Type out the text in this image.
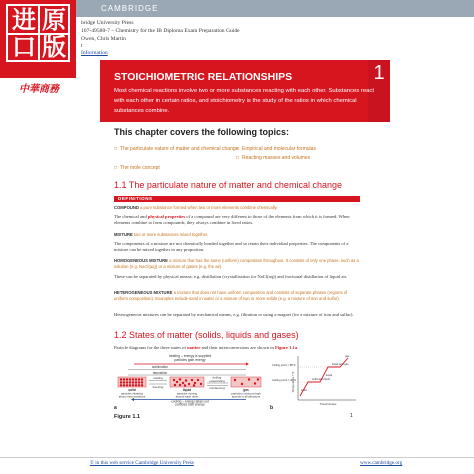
CAMBRIDGE
bridge University Press
107-49580-7 – Chemistry for the IB Diploma Exam Preparation Guide
Owen, Chris Martin
t
Information
进 原
口 版
中華商務
STOICHIOMETRIC RELATIONSHIPS	1
Most chemical reactions involve two or more substances reacting with each other. Substances react with each other in certain ratios, and stoichiometry is the study of the ratios in which chemical substances combine.
This chapter covers the following topics:
□ The particulate nature of matter and chemical change
□ The mole concept
□ Empirical and molecular formulas
□ Reacting masses and volumes
1.1 The particulate nature of matter and chemical change
DEFINITIONS
COMPOUND a pure substance formed when two or more elements combine chemically.
The chemical and physical properties of a compound are very different to those of the elements from which it is formed. When elements combine to form compounds, they always combine in fixed ratios.
MIXTURE two or more substances mixed together.
The components of a mixture are not chemically bonded together and so retain their individual properties. The components of a mixture can be mixed together in any proportion.
HOMOGENEOUS MIXTURE a mixture that has the same (uniform) composition throughout. It consists of only one phase, such as a solution (e.g. NaCl(aq)) or a mixture of gases (e.g. the air).
These can be separated by physical means, e.g. distillation (crystallisation for NaCl(aq)) and fractional distillation of liquid air.
HETEROGENEOUS MIXTURE a mixture that does not have uniform composition and consists of separate phases (regions of uniform composition). Examples include sand in water or a mixture of two or more solids (e.g. a mixture of iron and sulfur).
Heterogeneous mixtures can be separated by mechanical means, e.g. filtration or using a magnet (for a mixture of iron and sulfur).
1.2 States of matter (solids, liquids and gases)
Particle diagrams for the three states of matter and their interconversions are shown in Figure 1.1a.
heating – energy is supplied
particles gain energy
sublimation
deposition
solid
melting
freezing
liquid
boiling
evaporating
condensing	gas
particles vibrating
about mean positions
particles moving
around each other
particles moving at high
speeds in all directions
cooling – energy taken out
particles lose energy
Temperature / °C
boiling point = 88°C
melting point = 40°C
gas
liquid and gas
liquid
solid and liquid
solid
Time/minutes
a	b
Figure 1.1	1
© in this web service Cambridge University Press	www.cambridge.org
